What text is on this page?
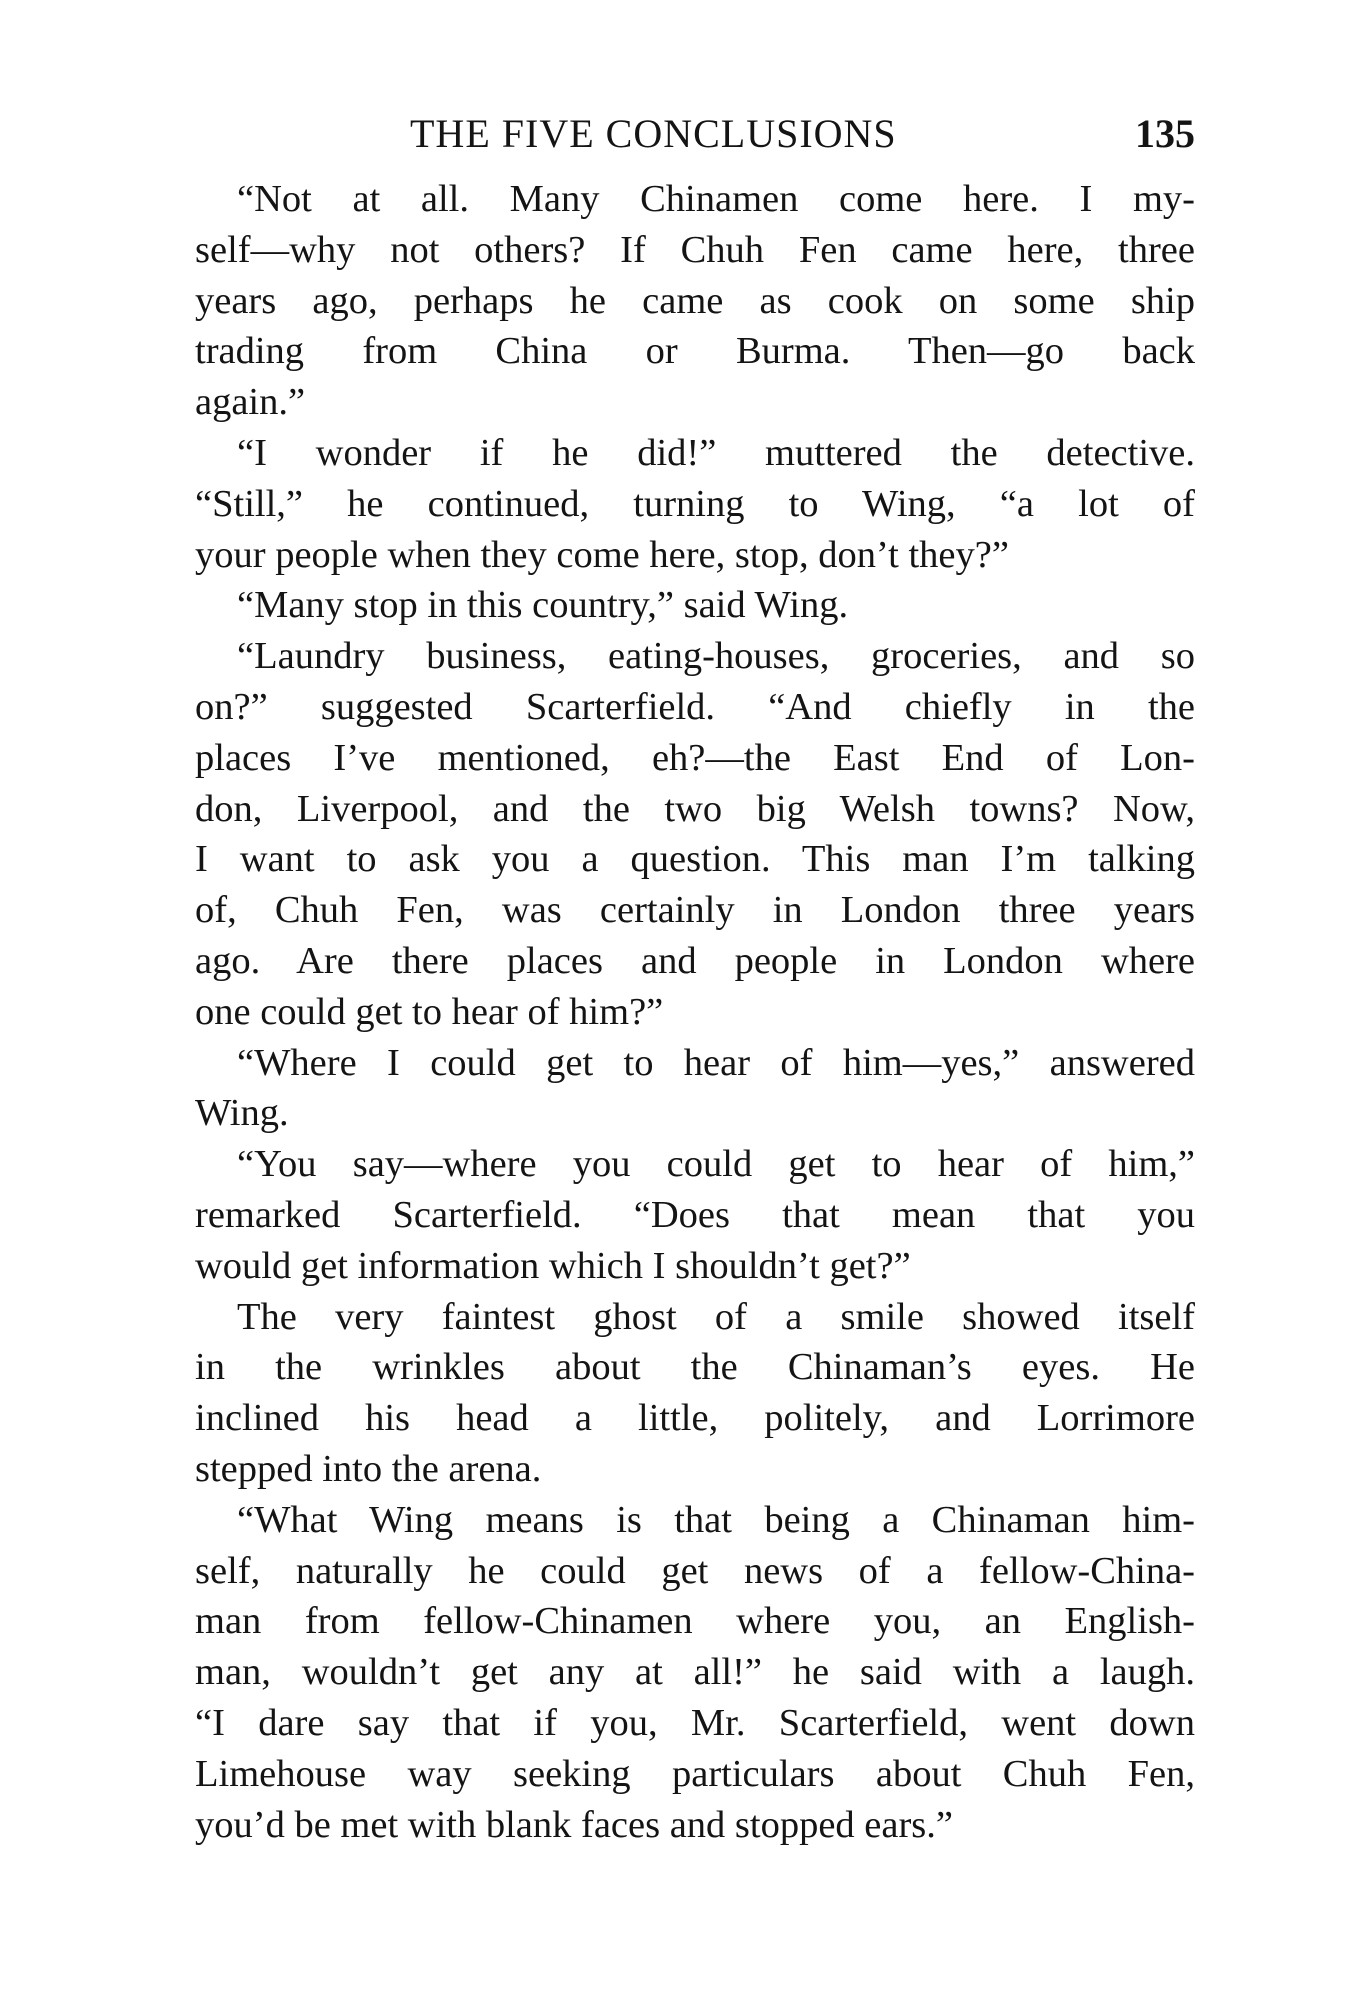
THE FIVE CONCLUSIONS	135
“Not at all. Many Chinamen come here. I my-
self—why not others? If Chuh Fen came here, three
years ago, perhaps he came as cook on some ship
trading from China or Burma. Then—go back
again.”
“I wonder if he did!” muttered the detective.
“Still,” he continued, turning to Wing, “a lot of
your people when they come here, stop, don’t they?”
“Many stop in this country,” said Wing.
“Laundry business, eating-houses, groceries, and so
on?” suggested Scarterfield. “And chiefly in the
places I’ve mentioned, eh?—the East End of Lon-
don, Liverpool, and the two big Welsh towns? Now,
I want to ask you a question. This man I’m talking
of, Chuh Fen, was certainly in London three years
ago. Are there places and people in London where
one could get to hear of him?”
“Where I could get to hear of him—yes,” answered
Wing.
“You say—where you could get to hear of him,”
remarked Scarterfield. “Does that mean that you
would get information which I shouldn’t get?”
The very faintest ghost of a smile showed itself
in the wrinkles about the Chinaman’s eyes. He
inclined his head a little, politely, and Lorrimore
stepped into the arena.
“What Wing means is that being a Chinaman him-
self, naturally he could get news of a fellow-China-
man from fellow-Chinamen where you, an English-
man, wouldn’t get any at all!” he said with a laugh.
“I dare say that if you, Mr. Scarterfield, went down
Limehouse way seeking particulars about Chuh Fen,
you’d be met with blank faces and stopped ears.”
